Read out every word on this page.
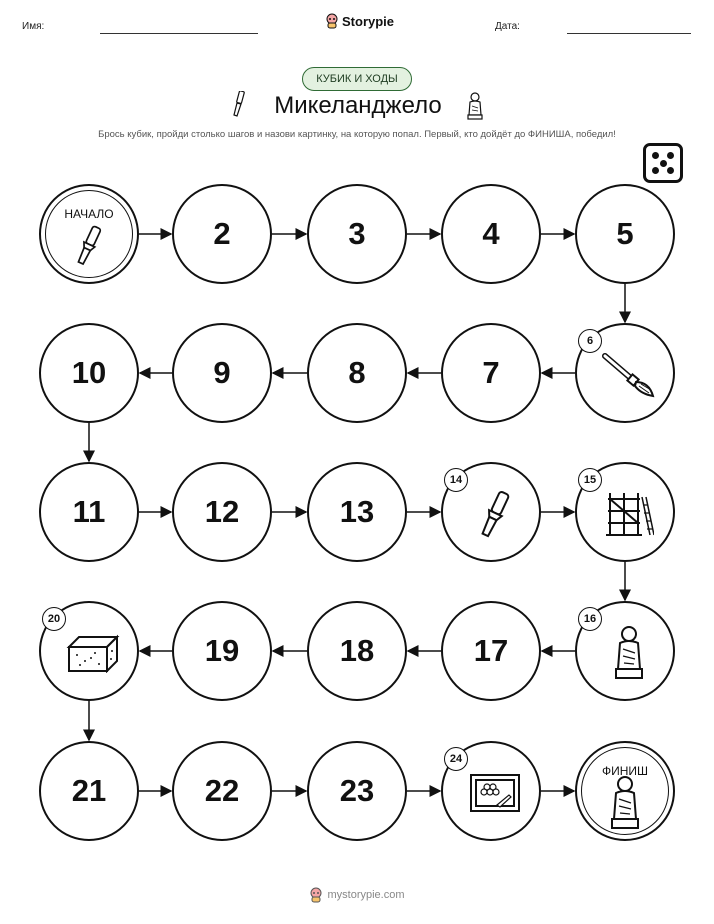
Имя:	Storypie	Дата:
КУБИК И ХОДЫ
Микеланджело
Брось кубик, пройди столько шагов и назови картинку, на которую попал. Первый, кто дойдёт до ФИНИША, победил!
НАЧАЛО
2	3	4	5
6
7
8
9
10
11	12	13
14	15
16
17
18
19
20
21	22	23
24
ФИНИШ
mystorypie.com
